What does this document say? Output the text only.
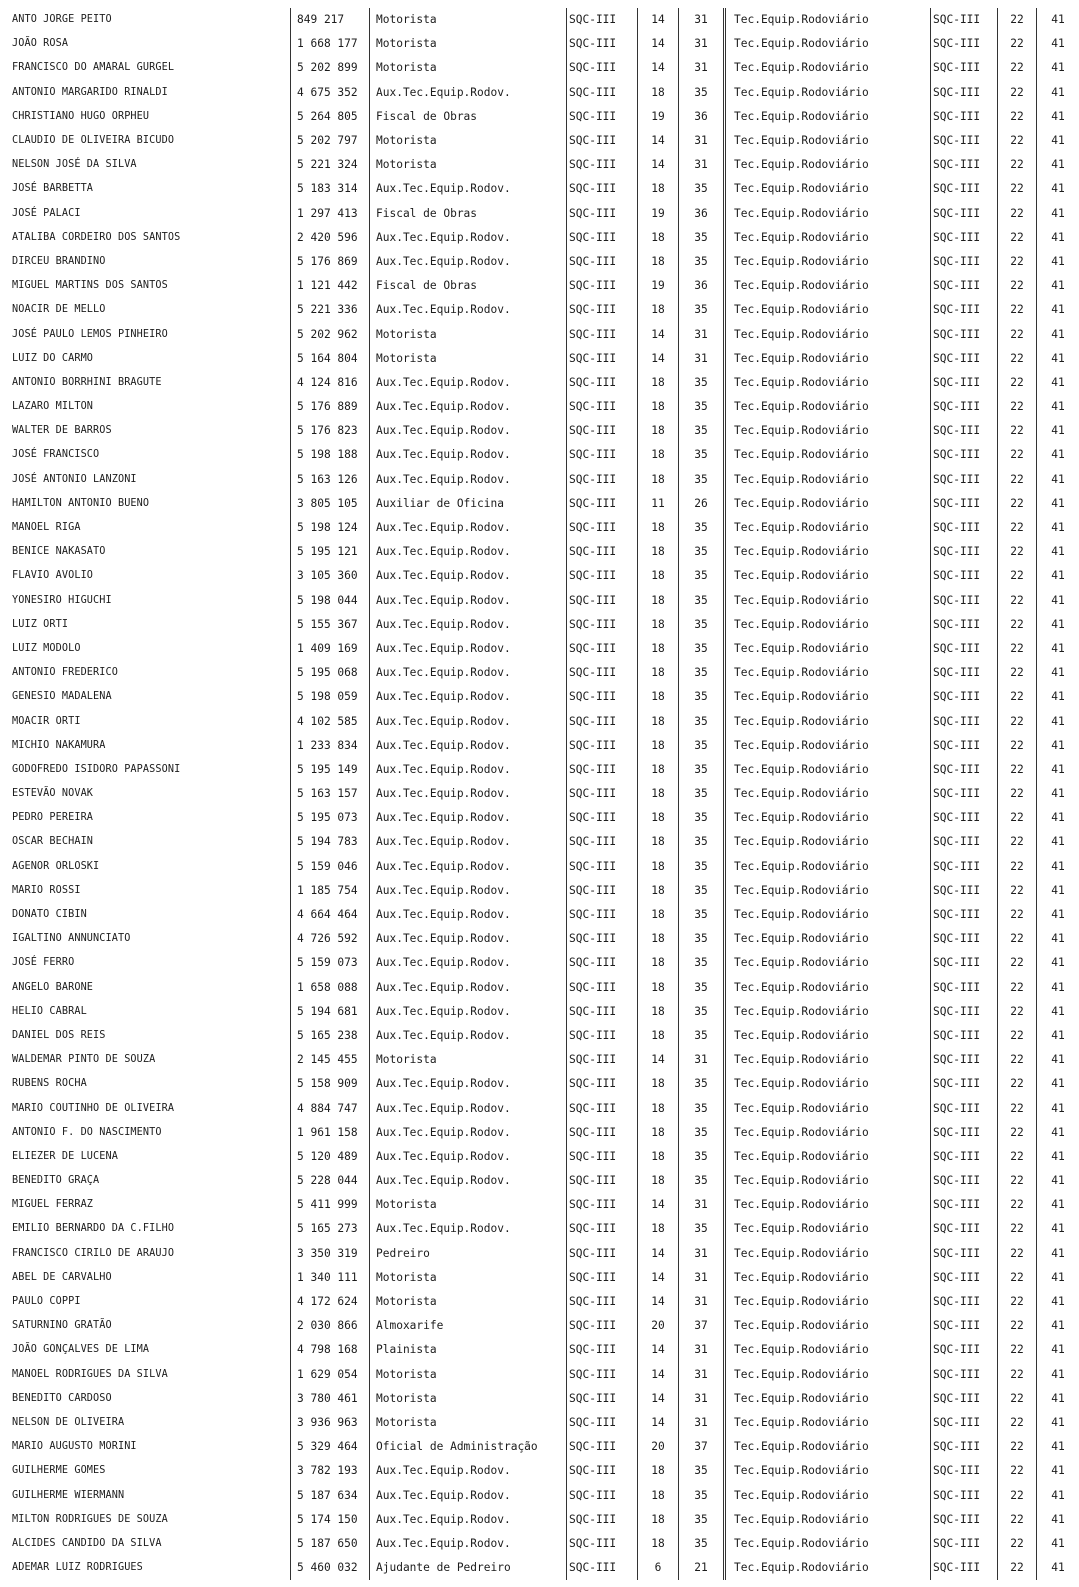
ANTO JORGE PEITO	849 217	Motorista	SQC-III	14	31	Tec.Equip.Rodoviário	SQC-III	22	41
JOÃO ROSA	1 668 177	Motorista	SQC-III	14	31	Tec.Equip.Rodoviário	SQC-III	22	41
FRANCISCO DO AMARAL GURGEL	5 202 899	Motorista	SQC-III	14	31	Tec.Equip.Rodoviário	SQC-III	22	41
ANTONIO MARGARIDO RINALDI	4 675 352	Aux.Tec.Equip.Rodov.	SQC-III	18	35	Tec.Equip.Rodoviário	SQC-III	22	41
CHRISTIANO HUGO ORPHEU	5 264 805	Fiscal de Obras	SQC-III	19	36	Tec.Equip.Rodoviário	SQC-III	22	41
CLAUDIO DE OLIVEIRA BICUDO	5 202 797	Motorista	SQC-III	14	31	Tec.Equip.Rodoviário	SQC-III	22	41
NELSON JOSÉ DA SILVA	5 221 324	Motorista	SQC-III	14	31	Tec.Equip.Rodoviário	SQC-III	22	41
JOSÉ BARBETTA	5 183 314	Aux.Tec.Equip.Rodov.	SQC-III	18	35	Tec.Equip.Rodoviário	SQC-III	22	41
JOSÉ PALACI	1 297 413	Fiscal de Obras	SQC-III	19	36	Tec.Equip.Rodoviário	SQC-III	22	41
ATALIBA CORDEIRO DOS SANTOS	2 420 596	Aux.Tec.Equip.Rodov.	SQC-III	18	35	Tec.Equip.Rodoviário	SQC-III	22	41
DIRCEU BRANDINO	5 176 869	Aux.Tec.Equip.Rodov.	SQC-III	18	35	Tec.Equip.Rodoviário	SQC-III	22	41
MIGUEL MARTINS DOS SANTOS	1 121 442	Fiscal de Obras	SQC-III	19	36	Tec.Equip.Rodoviário	SQC-III	22	41
NOACIR DE MELLO	5 221 336	Aux.Tec.Equip.Rodov.	SQC-III	18	35	Tec.Equip.Rodoviário	SQC-III	22	41
JOSÉ PAULO LEMOS PINHEIRO	5 202 962	Motorista	SQC-III	14	31	Tec.Equip.Rodoviário	SQC-III	22	41
LUIZ DO CARMO	5 164 804	Motorista	SQC-III	14	31	Tec.Equip.Rodoviário	SQC-III	22	41
ANTONIO BORRHINI BRAGUTE	4 124 816	Aux.Tec.Equip.Rodov.	SQC-III	18	35	Tec.Equip.Rodoviário	SQC-III	22	41
LAZARO MILTON	5 176 889	Aux.Tec.Equip.Rodov.	SQC-III	18	35	Tec.Equip.Rodoviário	SQC-III	22	41
WALTER DE BARROS	5 176 823	Aux.Tec.Equip.Rodov.	SQC-III	18	35	Tec.Equip.Rodoviário	SQC-III	22	41
JOSÉ FRANCISCO	5 198 188	Aux.Tec.Equip.Rodov.	SQC-III	18	35	Tec.Equip.Rodoviário	SQC-III	22	41
JOSÉ ANTONIO LANZONI	5 163 126	Aux.Tec.Equip.Rodov.	SQC-III	18	35	Tec.Equip.Rodoviário	SQC-III	22	41
HAMILTON ANTONIO BUENO	3 805 105	Auxiliar de Oficina	SQC-III	11	26	Tec.Equip.Rodoviário	SQC-III	22	41
MANOEL RIGA	5 198 124	Aux.Tec.Equip.Rodov.	SQC-III	18	35	Tec.Equip.Rodoviário	SQC-III	22	41
BENICE NAKASATO	5 195 121	Aux.Tec.Equip.Rodov.	SQC-III	18	35	Tec.Equip.Rodoviário	SQC-III	22	41
FLAVIO AVOLIO	3 105 360	Aux.Tec.Equip.Rodov.	SQC-III	18	35	Tec.Equip.Rodoviário	SQC-III	22	41
YONESIRO HIGUCHI	5 198 044	Aux.Tec.Equip.Rodov.	SQC-III	18	35	Tec.Equip.Rodoviário	SQC-III	22	41
LUIZ ORTI	5 155 367	Aux.Tec.Equip.Rodov.	SQC-III	18	35	Tec.Equip.Rodoviário	SQC-III	22	41
LUIZ MODOLO	1 409 169	Aux.Tec.Equip.Rodov.	SQC-III	18	35	Tec.Equip.Rodoviário	SQC-III	22	41
ANTONIO FREDERICO	5 195 068	Aux.Tec.Equip.Rodov.	SQC-III	18	35	Tec.Equip.Rodoviário	SQC-III	22	41
GENESIO MADALENA	5 198 059	Aux.Tec.Equip.Rodov.	SQC-III	18	35	Tec.Equip.Rodoviário	SQC-III	22	41
MOACIR ORTI	4 102 585	Aux.Tec.Equip.Rodov.	SQC-III	18	35	Tec.Equip.Rodoviário	SQC-III	22	41
MICHIO NAKAMURA	1 233 834	Aux.Tec.Equip.Rodov.	SQC-III	18	35	Tec.Equip.Rodoviário	SQC-III	22	41
GODOFREDO ISIDORO PAPASSONI	5 195 149	Aux.Tec.Equip.Rodov.	SQC-III	18	35	Tec.Equip.Rodoviário	SQC-III	22	41
ESTEVÃO NOVAK	5 163 157	Aux.Tec.Equip.Rodov.	SQC-III	18	35	Tec.Equip.Rodoviário	SQC-III	22	41
PEDRO PEREIRA	5 195 073	Aux.Tec.Equip.Rodov.	SQC-III	18	35	Tec.Equip.Rodoviário	SQC-III	22	41
OSCAR BECHAIN	5 194 783	Aux.Tec.Equip.Rodov.	SQC-III	18	35	Tec.Equip.Rodoviário	SQC-III	22	41
AGENOR ORLOSKI	5 159 046	Aux.Tec.Equip.Rodov.	SQC-III	18	35	Tec.Equip.Rodoviário	SQC-III	22	41
MARIO ROSSI	1 185 754	Aux.Tec.Equip.Rodov.	SQC-III	18	35	Tec.Equip.Rodoviário	SQC-III	22	41
DONATO CIBIN	4 664 464	Aux.Tec.Equip.Rodov.	SQC-III	18	35	Tec.Equip.Rodoviário	SQC-III	22	41
IGALTINO ANNUNCIATO	4 726 592	Aux.Tec.Equip.Rodov.	SQC-III	18	35	Tec.Equip.Rodoviário	SQC-III	22	41
JOSÉ FERRO	5 159 073	Aux.Tec.Equip.Rodov.	SQC-III	18	35	Tec.Equip.Rodoviário	SQC-III	22	41
ANGELO BARONE	1 658 088	Aux.Tec.Equip.Rodov.	SQC-III	18	35	Tec.Equip.Rodoviário	SQC-III	22	41
HELIO CABRAL	5 194 681	Aux.Tec.Equip.Rodov.	SQC-III	18	35	Tec.Equip.Rodoviário	SQC-III	22	41
DANIEL DOS REIS	5 165 238	Aux.Tec.Equip.Rodov.	SQC-III	18	35	Tec.Equip.Rodoviário	SQC-III	22	41
WALDEMAR PINTO DE SOUZA	2 145 455	Motorista	SQC-III	14	31	Tec.Equip.Rodoviário	SQC-III	22	41
RUBENS ROCHA	5 158 909	Aux.Tec.Equip.Rodov.	SQC-III	18	35	Tec.Equip.Rodoviário	SQC-III	22	41
MARIO COUTINHO DE OLIVEIRA	4 884 747	Aux.Tec.Equip.Rodov.	SQC-III	18	35	Tec.Equip.Rodoviário	SQC-III	22	41
ANTONIO F. DO NASCIMENTO	1 961 158	Aux.Tec.Equip.Rodov.	SQC-III	18	35	Tec.Equip.Rodoviário	SQC-III	22	41
ELIEZER DE LUCENA	5 120 489	Aux.Tec.Equip.Rodov.	SQC-III	18	35	Tec.Equip.Rodoviário	SQC-III	22	41
BENEDITO GRAÇA	5 228 044	Aux.Tec.Equip.Rodov.	SQC-III	18	35	Tec.Equip.Rodoviário	SQC-III	22	41
MIGUEL FERRAZ	5 411 999	Motorista	SQC-III	14	31	Tec.Equip.Rodoviário	SQC-III	22	41
EMILIO BERNARDO DA C.FILHO	5 165 273	Aux.Tec.Equip.Rodov.	SQC-III	18	35	Tec.Equip.Rodoviário	SQC-III	22	41
FRANCISCO CIRILO DE ARAUJO	3 350 319	Pedreiro	SQC-III	14	31	Tec.Equip.Rodoviário	SQC-III	22	41
ABEL DE CARVALHO	1 340 111	Motorista	SQC-III	14	31	Tec.Equip.Rodoviário	SQC-III	22	41
PAULO COPPI	4 172 624	Motorista	SQC-III	14	31	Tec.Equip.Rodoviário	SQC-III	22	41
SATURNINO GRATÃO	2 030 866	Almoxarife	SQC-III	20	37	Tec.Equip.Rodoviário	SQC-III	22	41
JOÃO GONÇALVES DE LIMA	4 798 168	Plainista	SQC-III	14	31	Tec.Equip.Rodoviário	SQC-III	22	41
MANOEL RODRIGUES DA SILVA	1 629 054	Motorista	SQC-III	14	31	Tec.Equip.Rodoviário	SQC-III	22	41
BENEDITO CARDOSO	3 780 461	Motorista	SQC-III	14	31	Tec.Equip.Rodoviário	SQC-III	22	41
NELSON DE OLIVEIRA	3 936 963	Motorista	SQC-III	14	31	Tec.Equip.Rodoviário	SQC-III	22	41
MARIO AUGUSTO MORINI	5 329 464	Oficial de Administração	SQC-III	20	37	Tec.Equip.Rodoviário	SQC-III	22	41
GUILHERME GOMES	3 782 193	Aux.Tec.Equip.Rodov.	SQC-III	18	35	Tec.Equip.Rodoviário	SQC-III	22	41
GUILHERME WIERMANN	5 187 634	Aux.Tec.Equip.Rodov.	SQC-III	18	35	Tec.Equip.Rodoviário	SQC-III	22	41
MILTON RODRIGUES DE SOUZA	5 174 150	Aux.Tec.Equip.Rodov.	SQC-III	18	35	Tec.Equip.Rodoviário	SQC-III	22	41
ALCIDES CANDIDO DA SILVA	5 187 650	Aux.Tec.Equip.Rodov.	SQC-III	18	35	Tec.Equip.Rodoviário	SQC-III	22	41
ADEMAR LUIZ RODRIGUES	5 460 032	Ajudante de Pedreiro	SQC-III	6	21	Tec.Equip.Rodoviário	SQC-III	22	41
